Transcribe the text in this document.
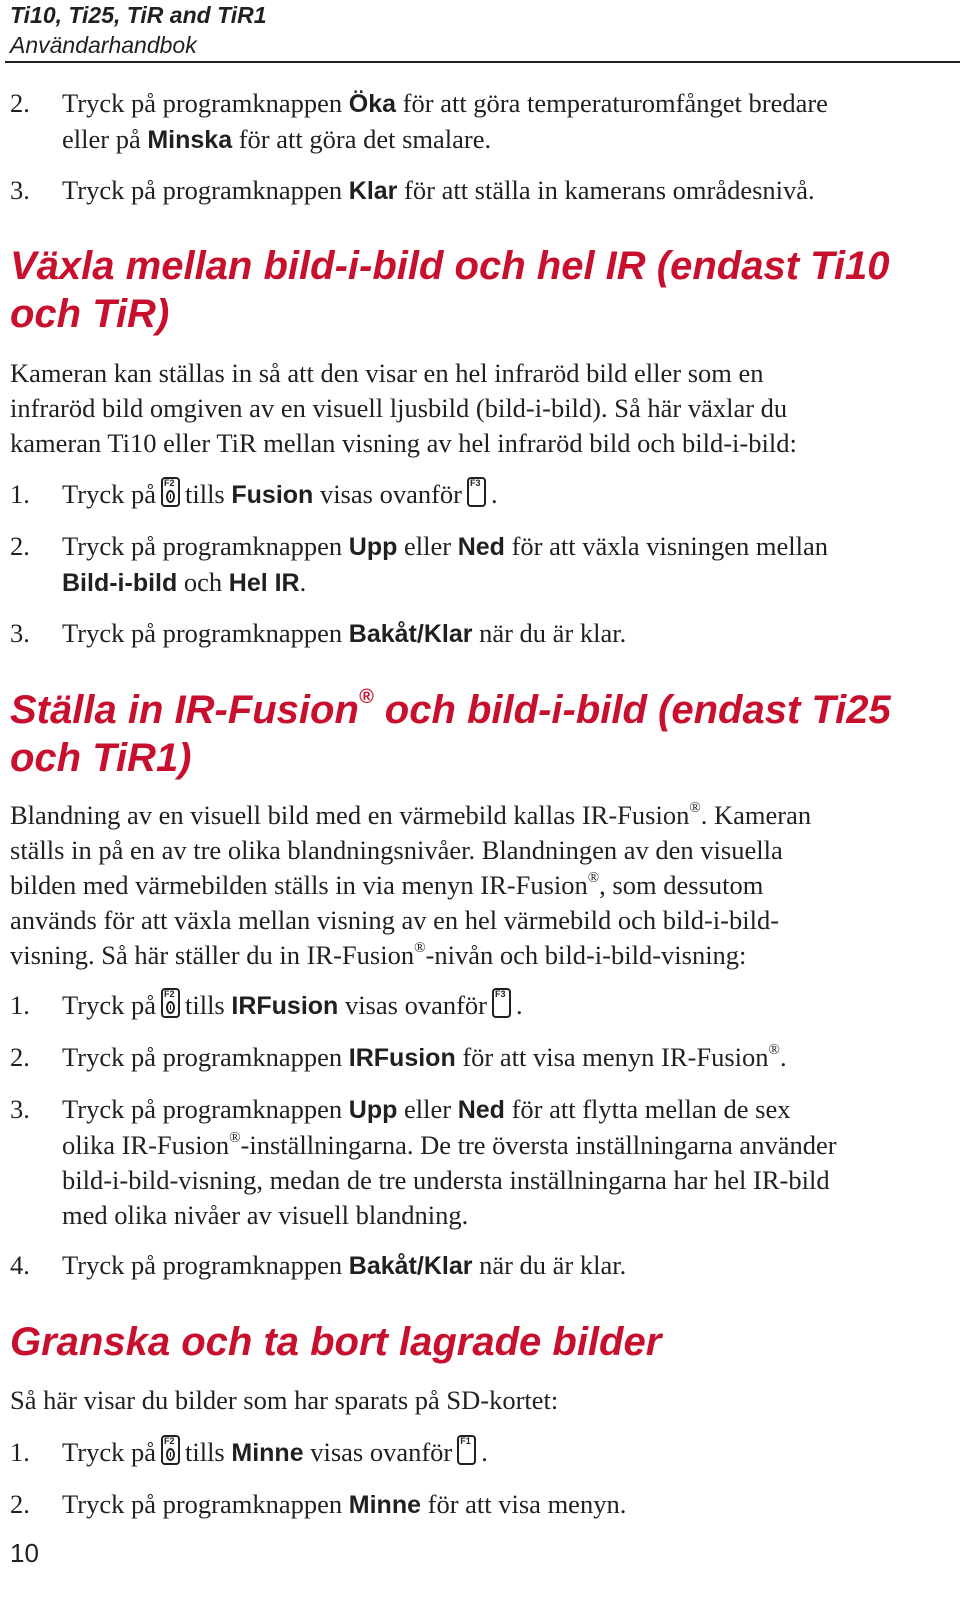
Ti10, Ti25, TiR and TiR1
Användarhandbok
2. Tryck på programknappen Öka för att göra temperaturomfånget bredare
eller på Minska för att göra det smalare.
3. Tryck på programknappen Klar för att ställa in kamerans områdesnivå.
Växla mellan bild-i-bild och hel IR (endast Ti10
och TiR)
Kameran kan ställas in så att den visar en hel infraröd bild eller som en
infraröd bild omgiven av en visuell ljusbild (bild-i-bild). Så här växlar du
kameran Ti10 eller TiR mellan visning av hel infraröd bild och bild-i-bild:
1. Tryck på F2 tills Fusion visas ovanför F3 .
2. Tryck på programknappen Upp eller Ned för att växla visningen mellan
Bild-i-bild och Hel IR.
3. Tryck på programknappen Bakåt/Klar när du är klar.
Ställa in IR-Fusion® och bild-i-bild (endast Ti25
och TiR1)
Blandning av en visuell bild med en värmebild kallas IR-Fusion®. Kameran
ställs in på en av tre olika blandningsnivåer. Blandningen av den visuella
bilden med värmebilden ställs in via menyn IR-Fusion®, som dessutom
används för att växla mellan visning av en hel värmebild och bild-i-bild-
visning. Så här ställer du in IR-Fusion®-nivån och bild-i-bild-visning:
1. Tryck på F2 tills IRFusion visas ovanför F3 .
2. Tryck på programknappen IRFusion för att visa menyn IR-Fusion®.
3. Tryck på programknappen Upp eller Ned för att flytta mellan de sex
olika IR-Fusion®-inställningarna. De tre översta inställningarna använder
bild-i-bild-visning, medan de tre understa inställningarna har hel IR-bild
med olika nivåer av visuell blandning.
4. Tryck på programknappen Bakåt/Klar när du är klar.
Granska och ta bort lagrade bilder
Så här visar du bilder som har sparats på SD-kortet:
1. Tryck på F2 tills Minne visas ovanför F1 .
2. Tryck på programknappen Minne för att visa menyn.
10
